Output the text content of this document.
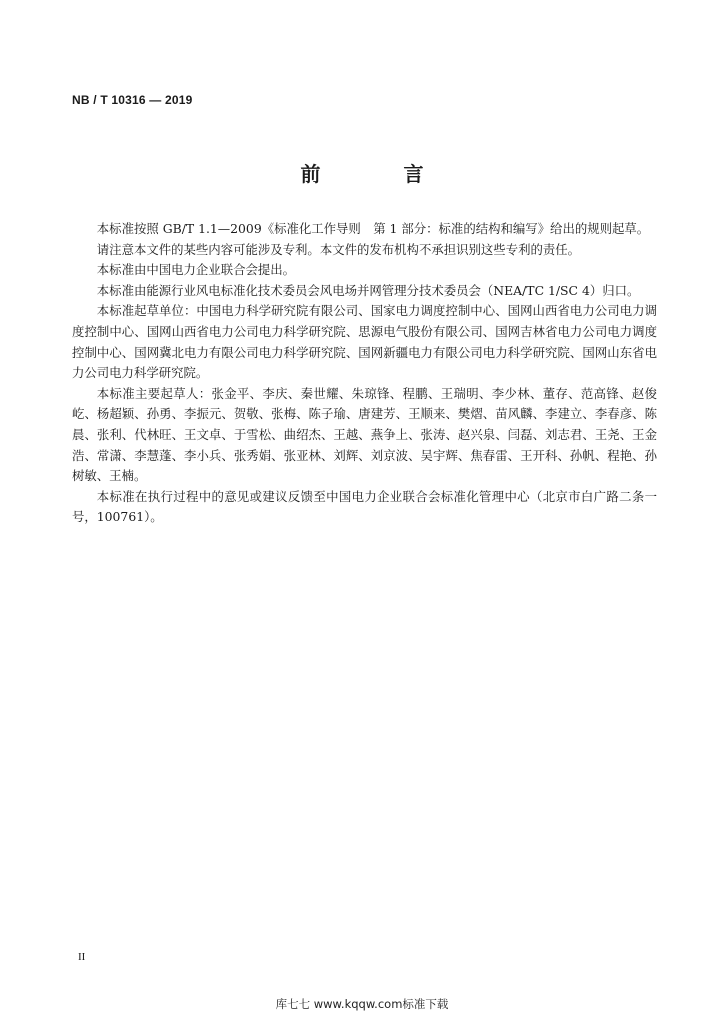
NB / T 10316 — 2019
前 言

本标准按照 GB/T 1.1—2009《标准化工作导则　第 1 部分：标准的结构和编写》给出的规则起草。

请注意本文件的某些内容可能涉及专利。本文件的发布机构不承担识别这些专利的责任。

本标准由中国电力企业联合会提出。

本标准由能源行业风电标准化技术委员会风电场并网管理分技术委员会（NEA/TC 1/SC 4）归口。

本标准起草单位：中国电力科学研究院有限公司、国家电力调度控制中心、国网山西省电力公司电力调度控制中心、国网山西省电力公司电力科学研究院、思源电气股份有限公司、国网吉林省电力公司电力调度控制中心、国网冀北电力有限公司电力科学研究院、国网新疆电力有限公司电力科学研究院、国网山东省电力公司电力科学研究院。

本标准主要起草人：张金平、李庆、秦世耀、朱琼锋、程鹏、王瑞明、李少林、董存、范高锋、赵俊屹、杨超颖、孙勇、李振元、贺敬、张梅、陈子瑜、唐建芳、王顺来、樊熠、苗风麟、李建立、李春彦、陈晨、张利、代林旺、王文卓、于雪松、曲绍杰、王越、燕争上、张涛、赵兴泉、闫磊、刘志君、王尧、王金浩、常潇、李慧蓬、李小兵、张秀娟、张亚林、刘辉、刘京波、吴宇辉、焦春雷、王开科、孙帆、程艳、孙树敏、王楠。

本标准在执行过程中的意见或建议反馈至中国电力企业联合会标准化管理中心（北京市白广路二条一号，100761）。

II
库七七 www.kqqw.com标准下载
